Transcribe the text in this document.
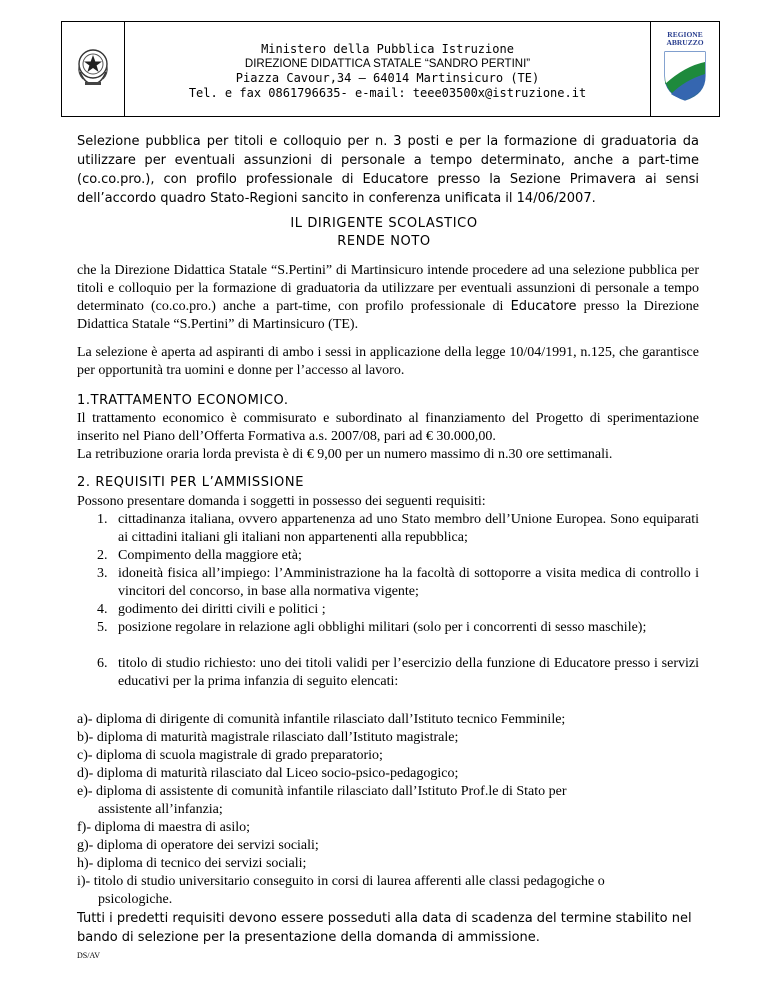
Ministero della Pubblica Istruzione
DIREZIONE DIDATTICA STATALE “SANDRO PERTINI”
Piazza Cavour,34 – 64014 Martinsicuro (TE)
Tel. e fax 0861796635- e-mail: teee03500x@istruzione.it
REGIONE
ABRUZZO
Selezione pubblica per titoli e colloquio per n. 3 posti e per la formazione di graduatoria da utilizzare per eventuali assunzioni di personale a tempo determinato, anche a part-time (co.co.pro.), con profilo professionale di Educatore presso la Sezione Primavera ai sensi dell’accordo quadro Stato-Regioni sancito in conferenza unificata il 14/06/2007.
IL DIRIGENTE SCOLASTICO
RENDE NOTO
che la Direzione Didattica Statale “S.Pertini” di Martinsicuro intende procedere ad una selezione pubblica per titoli e colloquio per la formazione di graduatoria da utilizzare per eventuali assunzioni di personale a tempo determinato (co.co.pro.) anche a part-time, con profilo professionale di Educatore presso la Direzione Didattica Statale “S.Pertini” di Martinsicuro (TE).
La selezione è aperta ad aspiranti di ambo i sessi in applicazione della legge 10/04/1991, n.125, che garantisce per opportunità tra uomini e donne per l’accesso al lavoro.
1.TRATTAMENTO ECONOMICO.
Il trattamento economico è commisurato e subordinato al finanziamento del Progetto di sperimentazione inserito nel Piano dell’Offerta Formativa a.s. 2007/08, pari ad € 30.000,00.
La retribuzione oraria lorda prevista è di € 9,00 per un numero massimo di n.30 ore settimanali.
2. REQUISITI PER L’AMMISSIONE
Possono presentare domanda i soggetti in possesso dei seguenti requisiti:
1. cittadinanza italiana, ovvero appartenenza ad uno Stato membro dell’Unione Europea. Sono equiparati ai cittadini italiani gli italiani non appartenenti alla repubblica;
2. Compimento della maggiore età;
3. idoneità fisica all’impiego: l’Amministrazione ha la facoltà di sottoporre a visita medica di controllo i vincitori del concorso, in base alla normativa vigente;
4. godimento dei diritti civili e politici ;
5. posizione regolare in relazione agli obblighi militari (solo per i concorrenti di sesso maschile);
6. titolo di studio richiesto: uno dei titoli validi per l’esercizio della funzione di Educatore presso i servizi educativi per la prima infanzia di seguito elencati:
a)- diploma di dirigente di comunità infantile rilasciato dall’Istituto tecnico Femminile;
b)- diploma di maturità magistrale rilasciato dall’Istituto magistrale;
c)- diploma di scuola magistrale di grado preparatorio;
d)- diploma di maturità rilasciato dal Liceo socio-psico-pedagogico;
e)- diploma di assistente di comunità infantile rilasciato dall’Istituto Prof.le di Stato per
assistente all’infanzia;
f)- diploma di maestra di asilo;
g)- diploma di operatore dei servizi sociali;
h)- diploma di tecnico dei servizi sociali;
i)- titolo di studio universitario conseguito in corsi di laurea afferenti alle classi pedagogiche o
psicologiche.
Tutti i predetti requisiti devono essere posseduti alla data di scadenza del termine stabilito nel bando di selezione per la presentazione della domanda di ammissione.
DS/AV
